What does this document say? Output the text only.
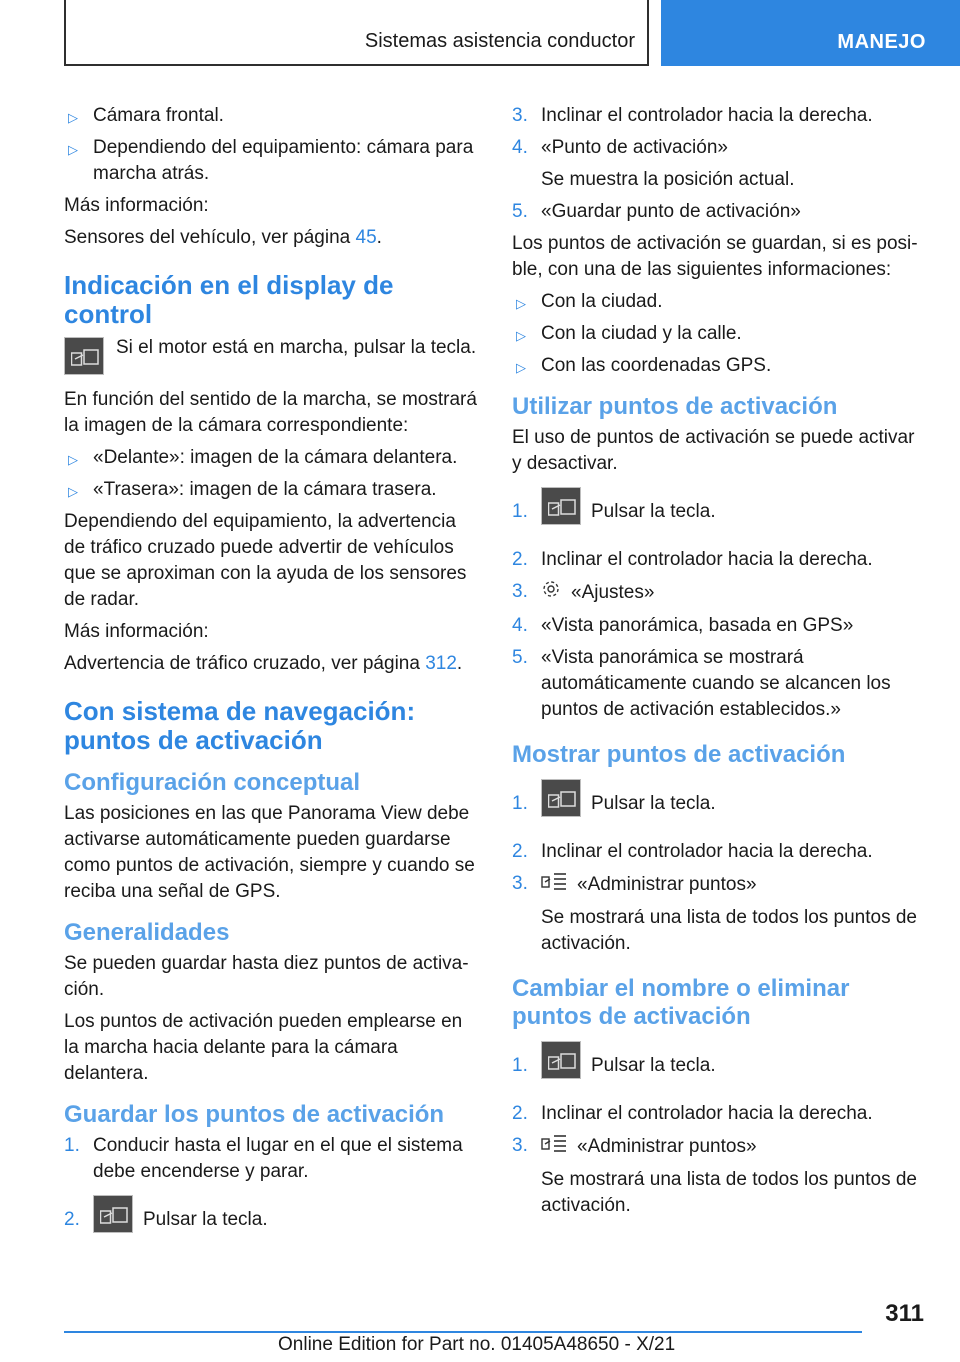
Sistemas asistencia conductor	MANEJO
▷ Cámara frontal.
▷ Dependiendo del equipamiento: cámara para marcha atrás.

Más información:

Sensores del vehículo, ver página 45.

Indicación en el display de control

Si el motor está en marcha, pulsar la tecla.

En función del sentido de la marcha, se mostrará la imagen de la cámara correspondiente:

▷ «Delante»: imagen de la cámara delantera.
▷ «Trasera»: imagen de la cámara trasera.

Dependiendo del equipamiento, la advertencia de tráfico cruzado puede advertir de vehículos que se aproximan con la ayuda de los sensores de radar.

Más información:

Advertencia de tráfico cruzado, ver página 312.

Con sistema de navegación: puntos de activación
Configuración conceptual

Las posiciones en las que Panorama View debe activarse automáticamente pueden guardarse como puntos de activación, siempre y cuando se reciba una señal de GPS.

Generalidades

Se pueden guardar hasta diez puntos de activa‐ ción.

Los puntos de activación pueden emplearse en la marcha hacia delante para la cámara delantera.

Guardar los puntos de activación
1. Conducir hasta el lugar en el que el sistema debe encenderse y parar.
2.	Pulsar la tecla.
3. Inclinar el controlador hacia la derecha.
4. «Punto de activación»
Se muestra la posición actual.
5. «Guardar punto de activación»

Los puntos de activación se guardan, si es posi‐ ble, con una de las siguientes informaciones:

▷ Con la ciudad.
▷ Con la ciudad y la calle.
▷ Con las coordenadas GPS.
Utilizar puntos de activación

El uso de puntos de activación se puede activar y desactivar.

1.	Pulsar la tecla.
2. Inclinar el controlador hacia la derecha.
3. «Ajustes»
4. «Vista panorámica, basada en GPS»
5. «Vista panorámica se mostrará automáticamente cuando se alcancen los puntos de activación establecidos.»
Mostrar puntos de activación
1.	Pulsar la tecla.
2. Inclinar el controlador hacia la derecha.
3.	«Administrar puntos»
Se mostrará una lista de todos los puntos de activación.
Cambiar el nombre o eliminar puntos de activación
1.	Pulsar la tecla.
2. Inclinar el controlador hacia la derecha.
3.	«Administrar puntos»
Se mostrará una lista de todos los puntos de activación.
311
Online Edition for Part no. 01405A48650 - X/21
